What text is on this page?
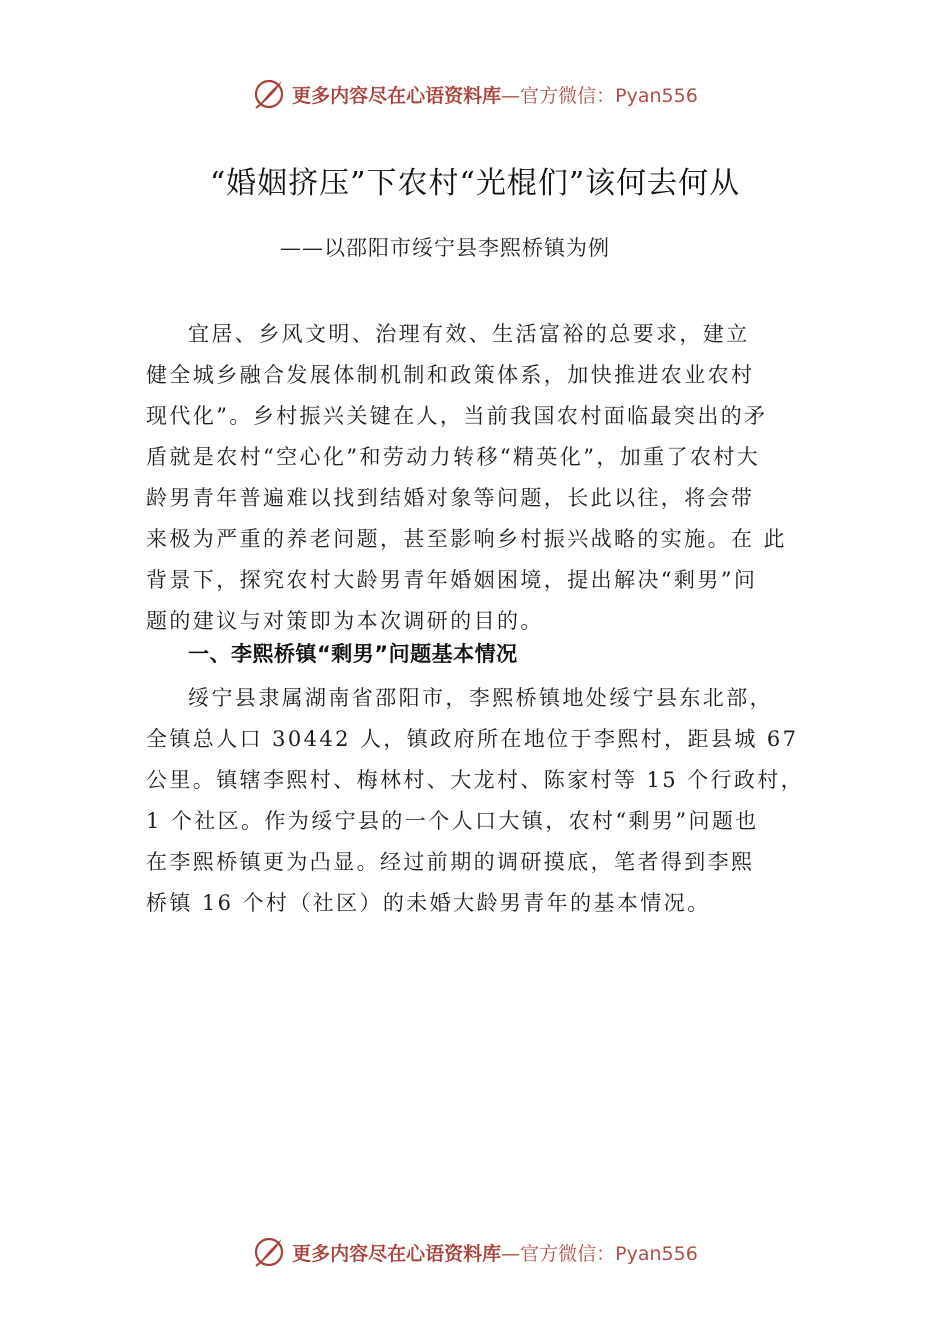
更多内容尽在心语资料库 —官方微信：Pyan556
“婚姻挤压”下农村“光棍们”该何去何从
——以邵阳市绥宁县李熙桥镇为例
宜居、乡风文明、治理有效、生活富裕的总要求，建立
健全城乡融合发展体制机制和政策体系，加快推进农业农村
现代化”。乡村振兴关键在人，当前我国农村面临最突出的矛
盾就是农村“空心化”和劳动力转移“精英化”，加重了农村大
龄男青年普遍难以找到结婚对象等问题，长此以往，将会带
来极为严重的养老问题，甚至影响乡村振兴战略的实施。在 此
背景下，探究农村大龄男青年婚姻困境，提出解决“剩男”问
题的建议与对策即为本次调研的目的。
一、李熙桥镇“剩男”问题基本情况
绥宁县隶属湖南省邵阳市，李熙桥镇地处绥宁县东北部，
全镇总人口 30442 人，镇政府所在地位于李熙村，距县城 67
公里。镇辖李熙村、梅林村、大龙村、陈家村等 15 个行政村，
1 个社区。作为绥宁县的一个人口大镇，农村“剩男”问题也
在李熙桥镇更为凸显。经过前期的调研摸底，笔者得到李熙
桥镇 16 个村（社区）的未婚大龄男青年的基本情况。
更多内容尽在心语资料库 —官方微信：Pyan556
